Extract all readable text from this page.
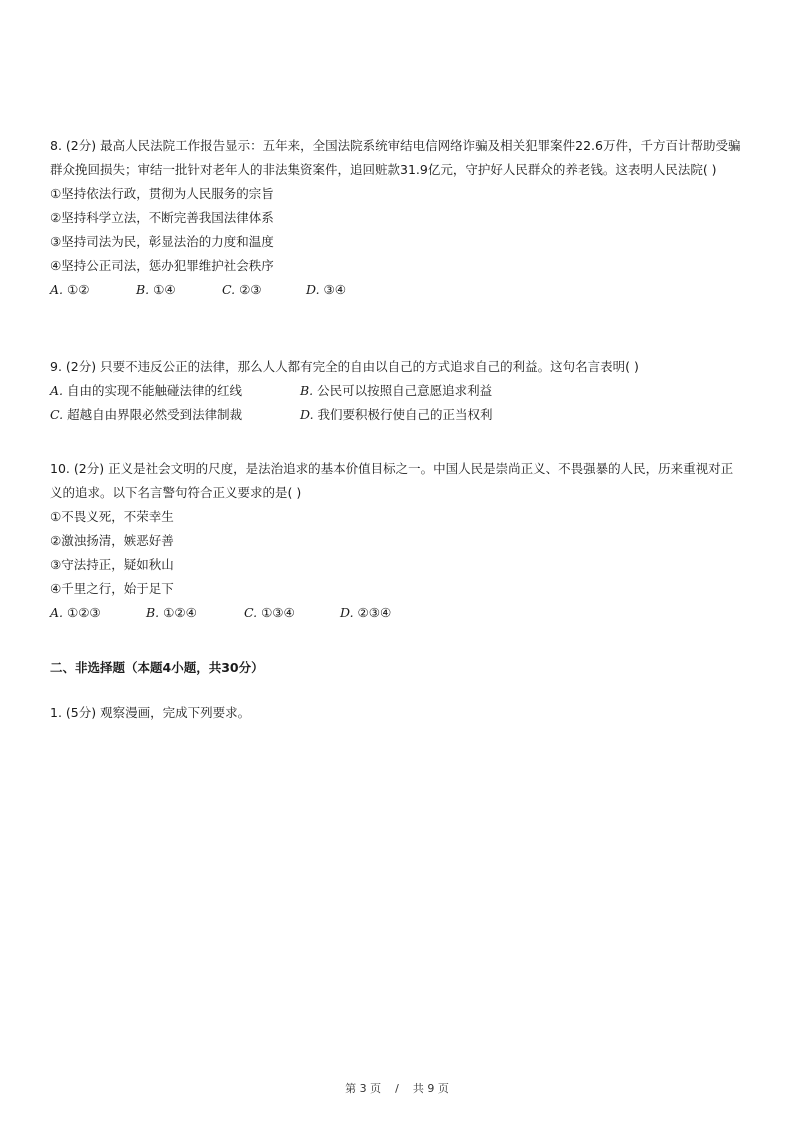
8. (2分) 最高人民法院工作报告显示：五年来，全国法院系统审结电信网络诈骗及相关犯罪案件22.6万件，千方百计帮助受骗群众挽回损失；审结一批针对老年人的非法集资案件，追回赃款31.9亿元，守护好人民群众的养老钱。这表明人民法院( )
①坚持依法行政，贯彻为人民服务的宗旨
②坚持科学立法，不断完善我国法律体系
③坚持司法为民，彰显法治的力度和温度
④坚持公正司法，惩办犯罪维护社会秩序
A. ①②	B. ①④	C. ②③	D. ③④
9. (2分) 只要不违反公正的法律，那么人人都有完全的自由以自己的方式追求自己的利益。这句名言表明( )
A. 自由的实现不能触碰法律的红线	B. 公民可以按照自己意愿追求利益
C. 超越自由界限必然受到法律制裁	D. 我们要积极行使自己的正当权利
10. (2分) 正义是社会文明的尺度，是法治追求的基本价值目标之一。中国人民是崇尚正义、不畏强暴的人民，历来重视对正义的追求。以下名言警句符合正义要求的是( )
①不畏义死，不荣幸生
②激浊扬清，嫉恶好善
③守法持正，疑如秋山
④千里之行，始于足下
A. ①②③	B. ①②④	C. ①③④	D. ②③④
二、非选择题（本题4小题，共30分）
1. (5分) 观察漫画，完成下列要求。
第 3 页    /    共 9 页
